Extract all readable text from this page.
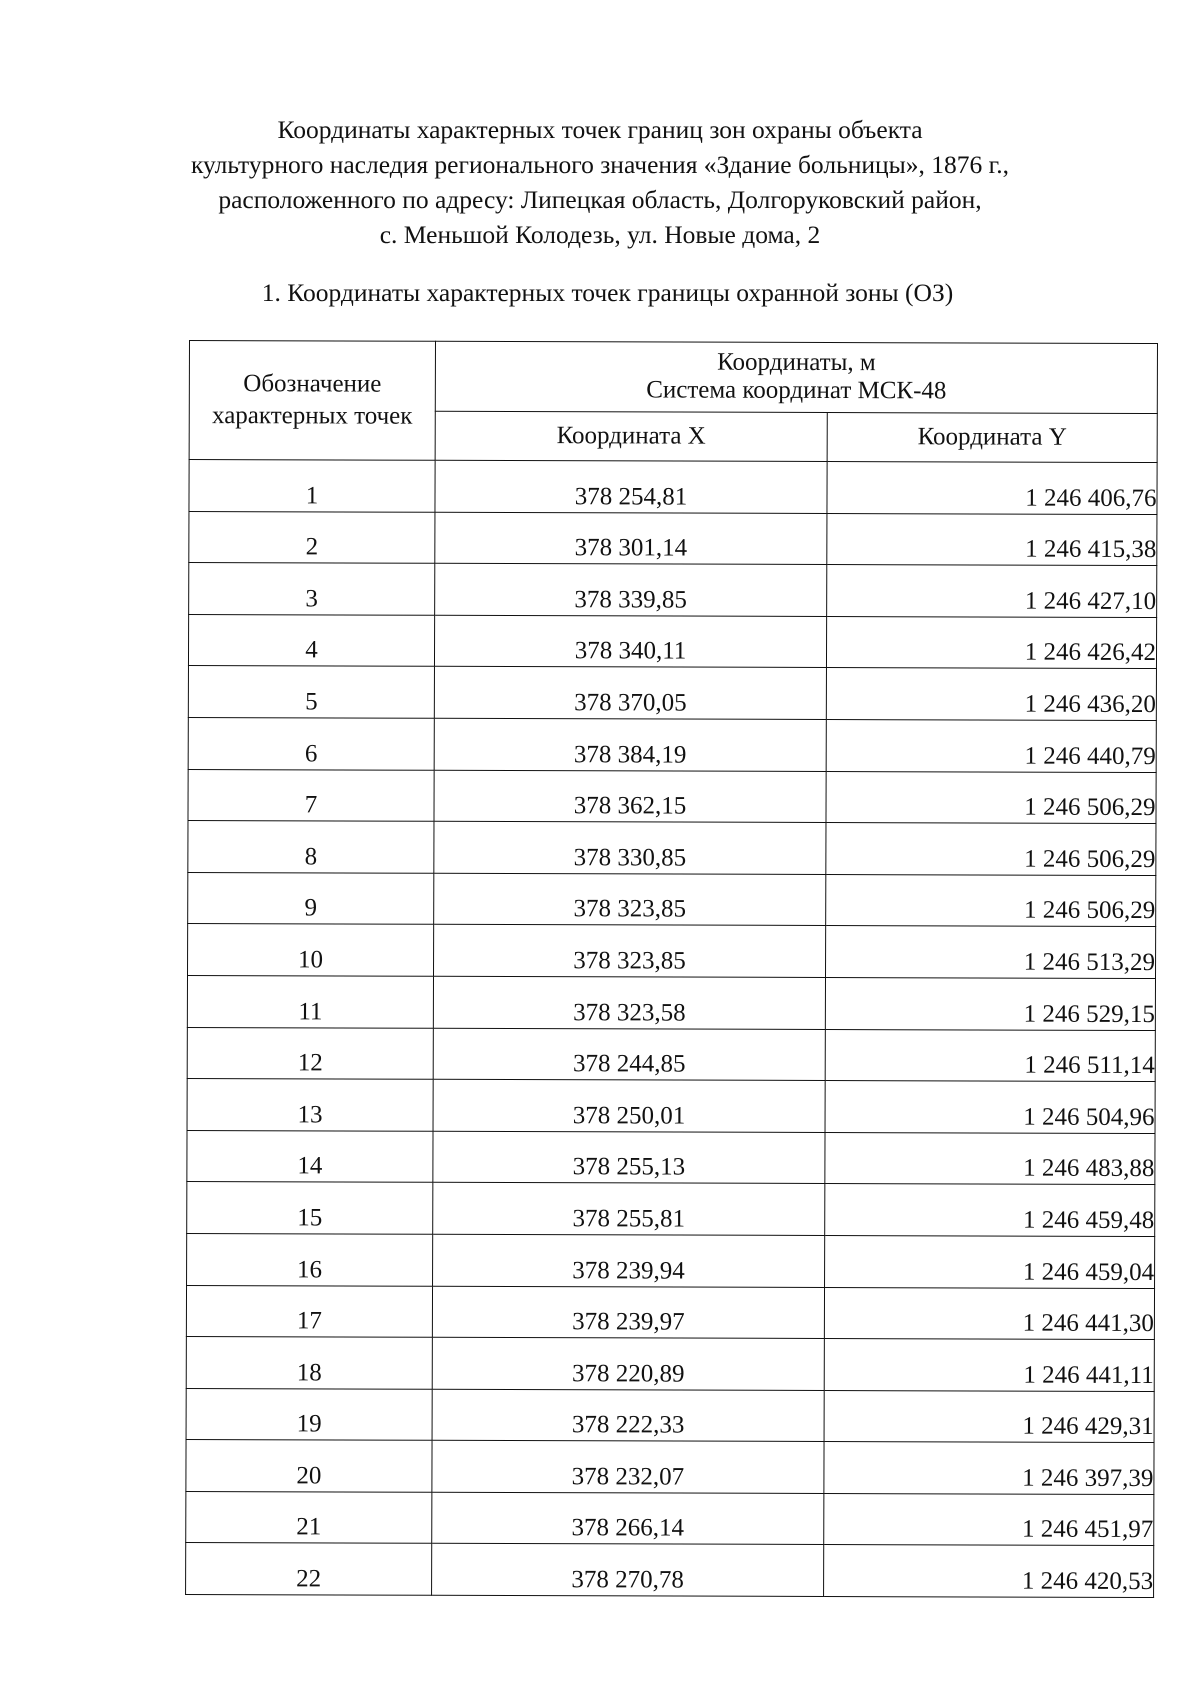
Координаты характерных точек границ зон охраны объекта
культурного наследия регионального значения «Здание больницы», 1876 г.,
расположенного по адресу: Липецкая область, Долгоруковский район,
с. Меньшой Колодезь, ул. Новые дома, 2
1. Координаты характерных точек границы охранной зоны (ОЗ)
Обозначение характерных точек	Координаты, м
Система координат МСК-48	

	Координата X	Координата Y
1	378 254,81	1 246 406,76
2	378 301,14	1 246 415,38
3	378 339,85	1 246 427,10
4	378 340,11	1 246 426,42
5	378 370,05	1 246 436,20
6	378 384,19	1 246 440,79
7	378 362,15	1 246 506,29
8	378 330,85	1 246 506,29
9	378 323,85	1 246 506,29
10	378 323,85	1 246 513,29
11	378 323,58	1 246 529,15
12	378 244,85	1 246 511,14
13	378 250,01	1 246 504,96
14	378 255,13	1 246 483,88
15	378 255,81	1 246 459,48
16	378 239,94	1 246 459,04
17	378 239,97	1 246 441,30
18	378 220,89	1 246 441,11
19	378 222,33	1 246 429,31
20	378 232,07	1 246 397,39
21	378 266,14	1 246 451,97
22	378 270,78	1 246 420,53
